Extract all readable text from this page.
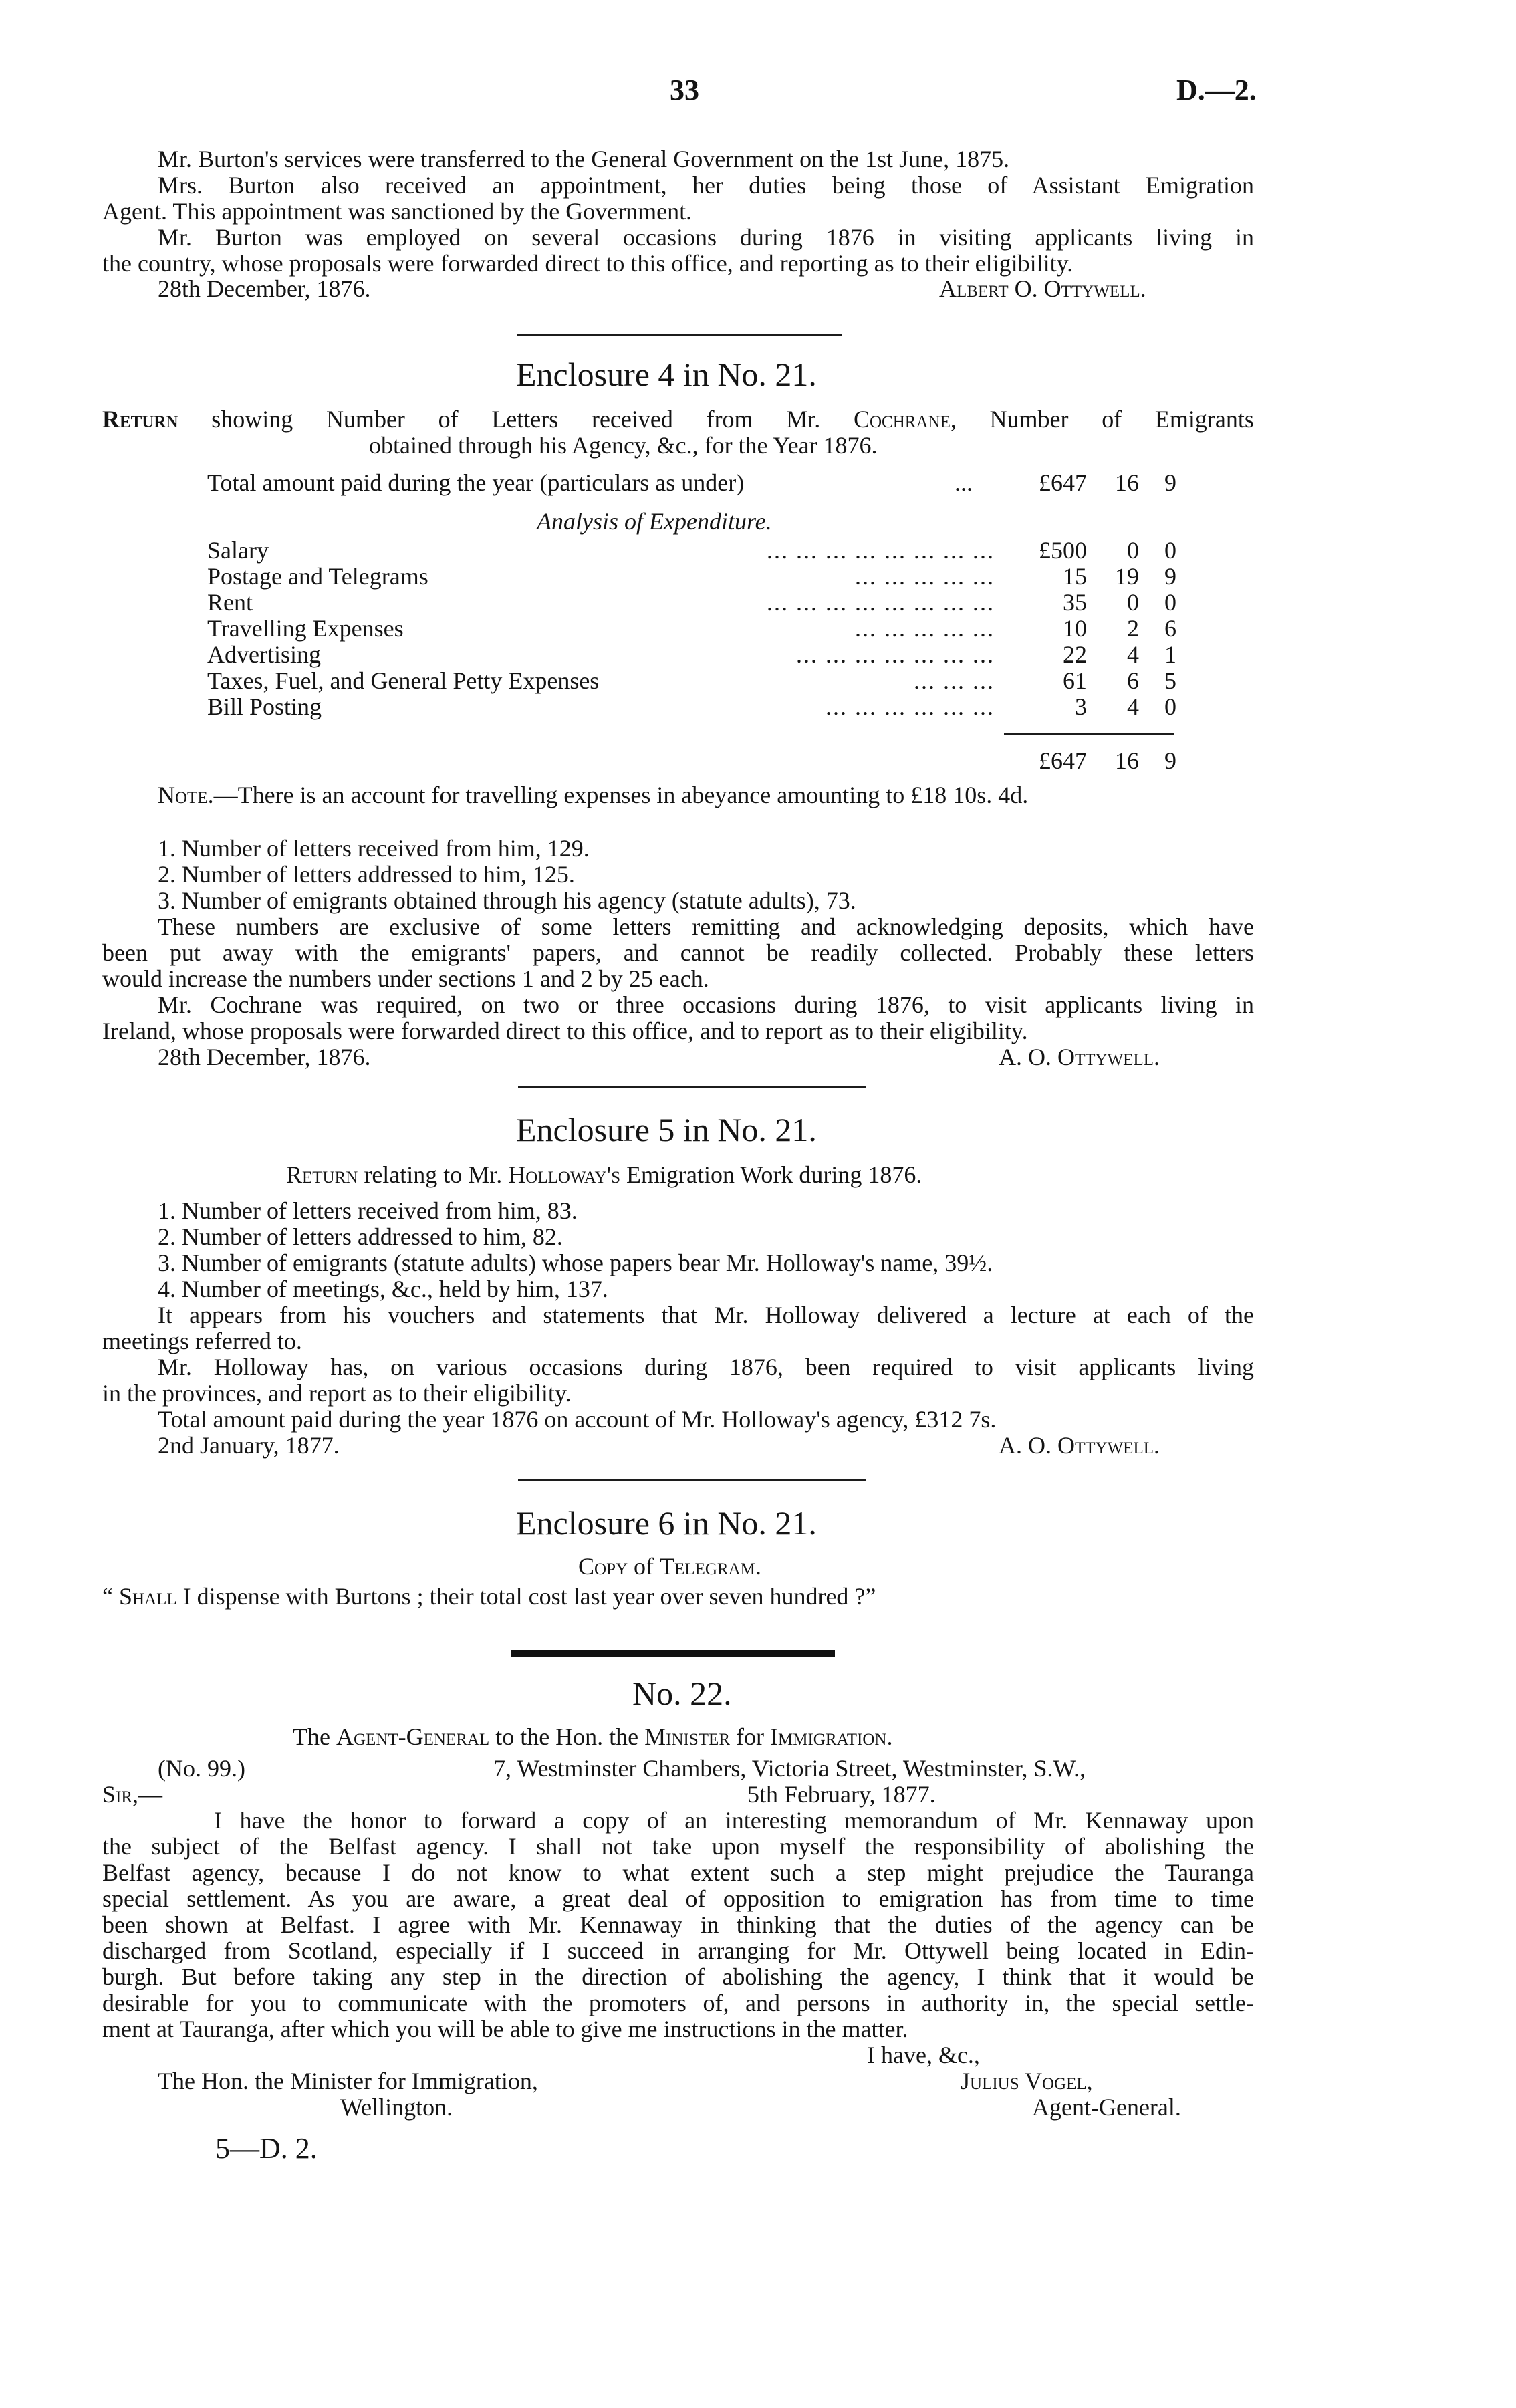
33	D.—2.
Mr. Burton's services were transferred to the General Government on the 1st June, 1875.
Mrs. Burton also received an appointment, her duties being those of Assistant Emigration
Agent. This appointment was sanctioned by the Government.
Mr. Burton was employed on several occasions during 1876 in visiting applicants living in
the country, whose proposals were forwarded direct to this office, and reporting as to their eligibility.
28th December, 1876.	Albert O. Ottywell.
Enclosure 4 in No. 21.
Return showing Number of Letters received from Mr. Cochrane, Number of Emigrants
obtained through his Agency, &c., for the Year 1876.
Total amount paid during the year (particulars as under)	...	£647	16	9
Analysis of Expenditure.
Salary	... ... ... ... ... ... ... ...	£500	0	0
Postage and Telegrams	... ... ... ... ...	15	19	9
Rent	... ... ... ... ... ... ... ...	35	0	0
Travelling Expenses	... ... ... ... ...	10	2	6
Advertising	... ... ... ... ... ... ...	22	4	1
Taxes, Fuel, and General Petty Expenses	... ... ...	61	6	5
Bill Posting	... ... ... ... ... ...	3	4	0
£647	16	9
Note.—There is an account for travelling expenses in abeyance amounting to £18 10s. 4d.
1. Number of letters received from him, 129.
2. Number of letters addressed to him, 125.
3. Number of emigrants obtained through his agency (statute adults), 73.
These numbers are exclusive of some letters remitting and acknowledging deposits, which have
been put away with the emigrants' papers, and cannot be readily collected. Probably these letters
would increase the numbers under sections 1 and 2 by 25 each.
Mr. Cochrane was required, on two or three occasions during 1876, to visit applicants living in
Ireland, whose proposals were forwarded direct to this office, and to report as to their eligibility.
28th December, 1876.	A. O. Ottywell.
Enclosure 5 in No. 21.
Return relating to Mr. Holloway's Emigration Work during 1876.
1. Number of letters received from him, 83.
2. Number of letters addressed to him, 82.
3. Number of emigrants (statute adults) whose papers bear Mr. Holloway's name, 39½.
4. Number of meetings, &c., held by him, 137.
It appears from his vouchers and statements that Mr. Holloway delivered a lecture at each of the
meetings referred to.
Mr. Holloway has, on various occasions during 1876, been required to visit applicants living
in the provinces, and report as to their eligibility.
Total amount paid during the year 1876 on account of Mr. Holloway's agency, £312 7s.
2nd January, 1877.	A. O. Ottywell.
Enclosure 6 in No. 21.
Copy of Telegram.
“ Shall I dispense with Burtons ; their total cost last year over seven hundred ?”
No. 22.
The Agent-General to the Hon. the Minister for Immigration.
(No. 99.)	7, Westminster Chambers, Victoria Street, Westminster, S.W.,
Sir,—	5th February, 1877.
I have the honor to forward a copy of an interesting memorandum of Mr. Kennaway upon
the subject of the Belfast agency. I shall not take upon myself the responsibility of abolishing the
Belfast agency, because I do not know to what extent such a step might prejudice the Tauranga
special settlement. As you are aware, a great deal of opposition to emigration has from time to time
been shown at Belfast. I agree with Mr. Kennaway in thinking that the duties of the agency can be
discharged from Scotland, especially if I succeed in arranging for Mr. Ottywell being located in Edin-
burgh. But before taking any step in the direction of abolishing the agency, I think that it would be
desirable for you to communicate with the promoters of, and persons in authority in, the special settle-
ment at Tauranga, after which you will be able to give me instructions in the matter.
I have, &c.,
The Hon. the Minister for Immigration,	Julius Vogel,
Wellington.	Agent-General.
5—D. 2.
